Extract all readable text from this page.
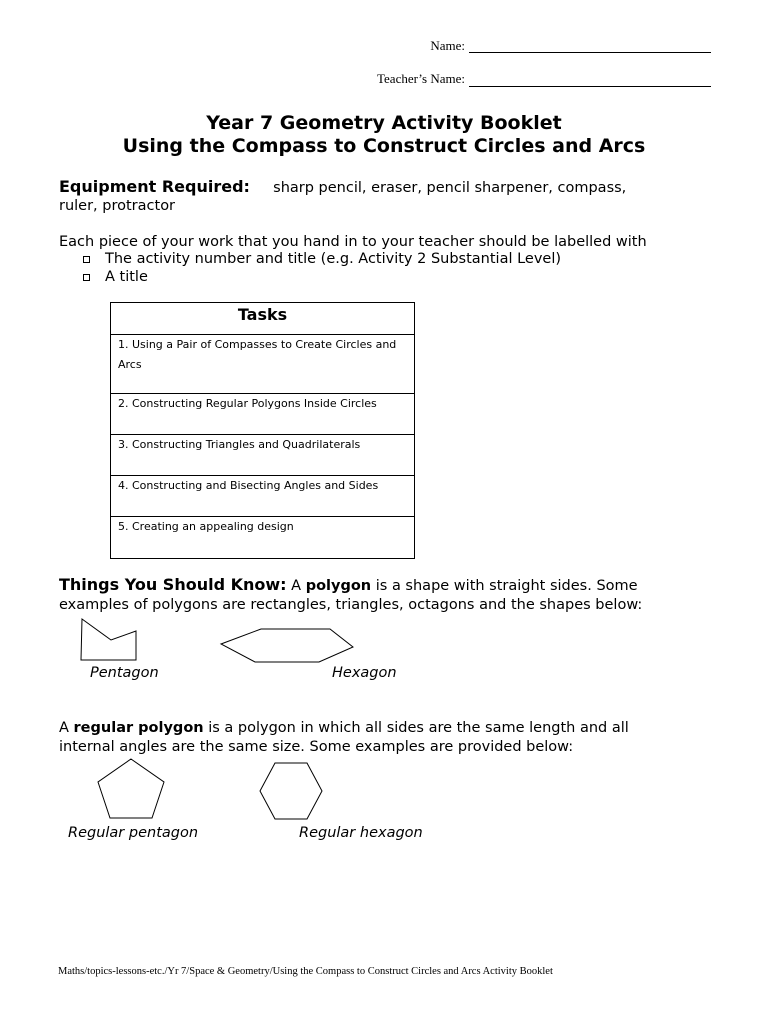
Name:
Teacher’s Name:
Year 7 Geometry Activity Booklet
Using the Compass to Construct Circles and Arcs
Equipment Required: sharp pencil, eraser, pencil sharpener, compass,
ruler, protractor
Each piece of your work that you hand in to your teacher should be labelled with
The activity number and title (e.g. Activity 2 Substantial Level)
A title
Tasks
1. Using a Pair of Compasses to Create Circles and Arcs
2. Constructing Regular Polygons Inside Circles
3. Constructing Triangles and Quadrilaterals
4. Constructing and Bisecting Angles and Sides
5. Creating an appealing design
Things You Should Know: A polygon is a shape with straight sides. Some
examples of polygons are rectangles, triangles, octagons and the shapes below:
Pentagon	Hexagon
A regular polygon is a polygon in which all sides are the same length and all
internal angles are the same size. Some examples are provided below:
Regular pentagon	Regular hexagon
Maths/topics-lessons-etc./Yr 7/Space & Geometry/Using the Compass to Construct Circles and Arcs Activity Booklet
